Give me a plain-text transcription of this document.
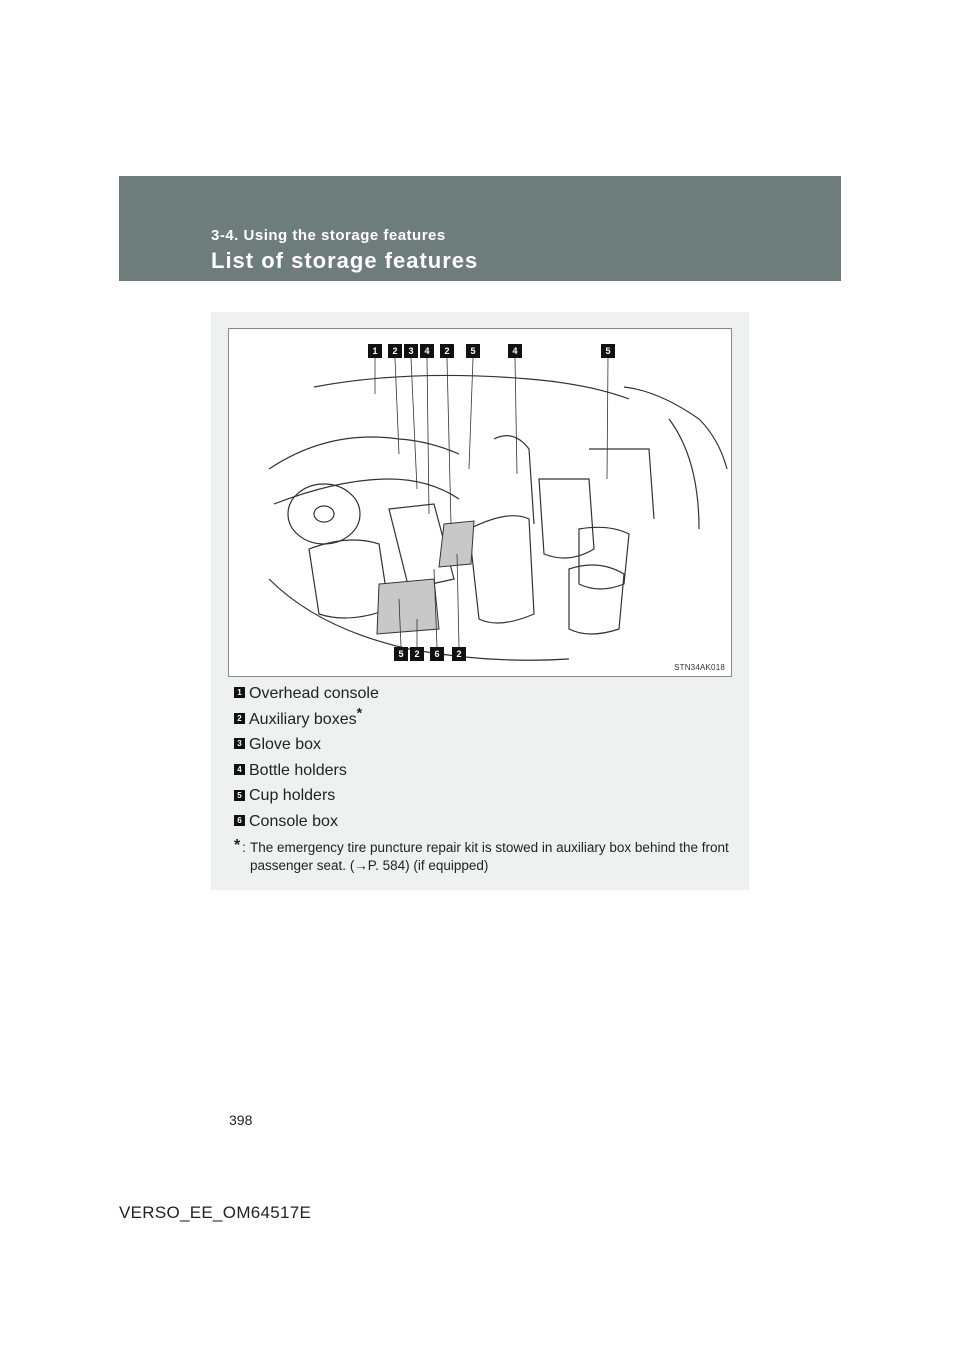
3-4. Using the storage features
List of storage features
1	2	3	4	2	5	4	5
5	2	6	2
STN34AK018
1 Overhead console
2 Auxiliary boxes*
3 Glove box
4 Bottle holders
5 Cup holders
6 Console box
* : The emergency tire puncture repair kit is stowed in auxiliary box behind the front passenger seat. (→P. 584) (if equipped)
398
VERSO_EE_OM64517E
